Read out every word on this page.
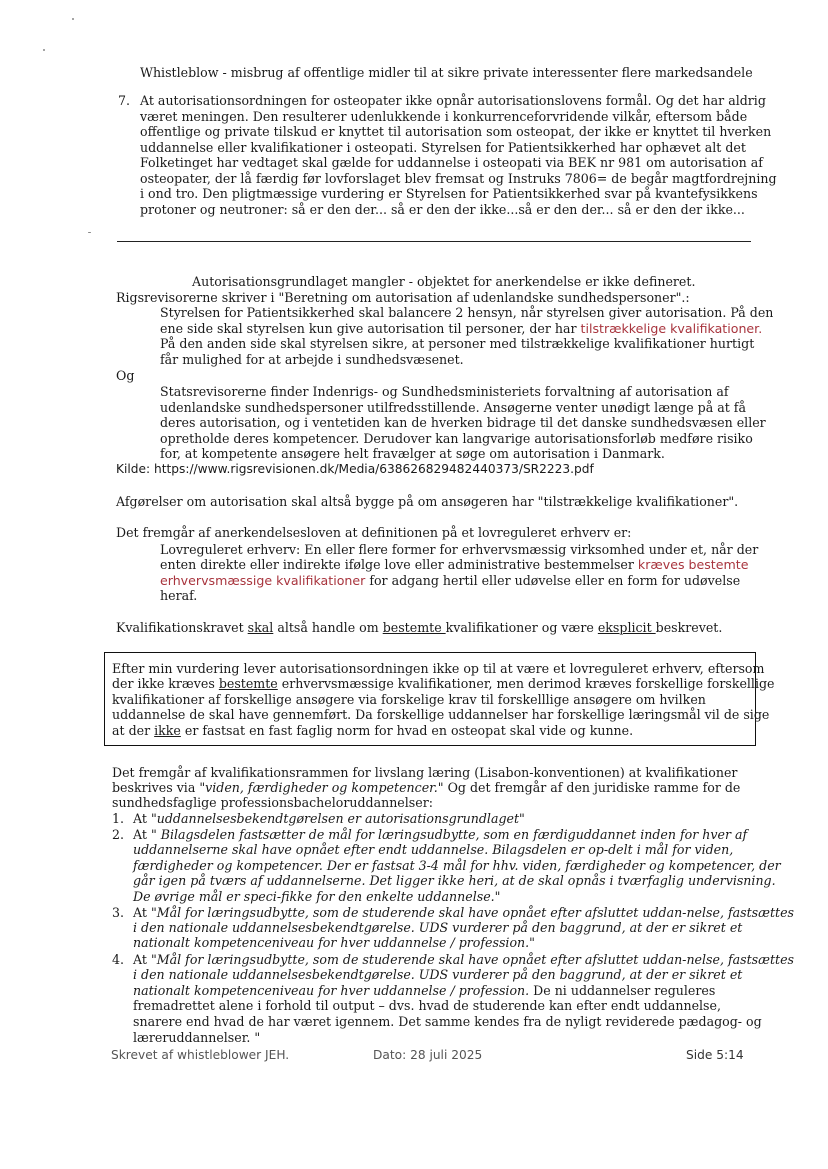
Whistleblow - misbrug af offentlige midler til at sikre private interessenter flere markedsandele
7. At autorisationsordningen for osteopater ikke opnår autorisationslovens formål. Og det har aldrig
været meningen. Den resulterer udenlukkende i konkurrenceforvridende vilkår, eftersom både
offentlige og private tilskud er knyttet til autorisation som osteopat, der ikke er knyttet til hverken
uddannelse eller kvalifikationer i osteopati. Styrelsen for Patientsikkerhed har ophævet alt det
Folketinget har vedtaget skal gælde for uddannelse i osteopati via BEK nr 981 om autorisation af
osteopater, der lå færdig før lovforslaget blev fremsat og Instruks 7806= de begår magtfordrejning
i ond tro. Den pligtmæssige vurdering er Styrelsen for Patientsikkerhed svar på kvantefysikkens
protoner og neutroner: så er den der... så er den der ikke...så er den der... så er den der ikke...
Autorisationsgrundlaget mangler - objektet for anerkendelse er ikke defineret.
Rigsrevisorerne skriver i "Beretning om autorisation af udenlandske sundhedspersoner".:
Styrelsen for Patientsikkerhed skal balancere 2 hensyn, når styrelsen giver autorisation. På den
ene side skal styrelsen kun give autorisation til personer, der har tilstrækkelige kvalifikationer.
På den anden side skal styrelsen sikre, at personer med tilstrækkelige kvalifikationer hurtigt
får mulighed for at arbejde i sundhedsvæsenet.
Og
Statsrevisorerne finder Indenrigs- og Sundhedsministeriets forvaltning af autorisation af
udenlandske sundhedspersoner utilfredsstillende. Ansøgerne venter unødigt længe på at få
deres autorisation, og i ventetiden kan de hverken bidrage til det danske sundhedsvæsen eller
opretholde deres kompetencer. Derudover kan langvarige autorisationsforløb medføre risiko
for, at kompetente ansøgere helt fravælger at søge om autorisation i Danmark.
Kilde: https://www.rigsrevisionen.dk/Media/638626829482440373/SR2223.pdf
Afgørelser om autorisation skal altså bygge på om ansøgeren har "tilstrækkelige kvalifikationer".
Det fremgår af anerkendelsesloven at definitionen på et lovreguleret erhverv er:
Lovreguleret erhverv: En eller flere former for erhvervsmæssig virksomhed under et, når der
enten direkte eller indirekte ifølge love eller administrative bestemmelser kræves bestemte
erhvervsmæssige kvalifikationer for adgang hertil eller udøvelse eller en form for udøvelse
heraf.
Kvalifikationskravet skal altså handle om bestemte kvalifikationer og være eksplicit beskrevet.
Efter min vurdering lever autorisationsordningen ikke op til at være et lovreguleret erhverv, eftersom
der ikke kræves bestemte erhvervsmæssige kvalifikationer, men derimod kræves forskellige forskellige
kvalifikationer af forskellige ansøgere via forskelige krav til forskelllige ansøgere om hvilken
uddannelse de skal have gennemført. Da forskellige uddannelser har forskellige læringsmål vil de sige
at der ikke er fastsat en fast faglig norm for hvad en osteopat skal vide og kunne.
Det fremgår af kvalifikationsrammen for livslang læring (Lisabon-konventionen) at kvalifikationer
beskrives via "viden, færdigheder og kompetencer." Og det fremgår af den juridiske ramme for de
sundhedsfaglige professionsbacheloruddannelser:
1. At "uddannelsesbekendtgørelsen er autorisationsgrundlaget"
2. At " Bilagsdelen fastsætter de mål for læringsudbytte, som en færdiguddannet inden for hver af
uddannelserne skal have opnået efter endt uddannelse. Bilagsdelen er op-delt i mål for viden,
færdigheder og kompetencer. Der er fastsat 3-4 mål for hhv. viden, færdigheder og kompetencer, der
går igen på tværs af uddannelserne. Det ligger ikke heri, at de skal opnås i tværfaglig undervisning.
De øvrige mål er speci-fikke for den enkelte uddannelse."
3. At "Mål for læringsudbytte, som de studerende skal have opnået efter afsluttet uddan-nelse, fastsættes
i den nationale uddannelsesbekendtgørelse. UDS vurderer på den baggrund, at der er sikret et
nationalt kompetenceniveau for hver uddannelse / profession."
4. At "Mål for læringsudbytte, som de studerende skal have opnået efter afsluttet uddan-nelse, fastsættes
i den nationale uddannelsesbekendtgørelse. UDS vurderer på den baggrund, at der er sikret et
nationalt kompetenceniveau for hver uddannelse / profession. De ni uddannelser reguleres
fremadrettet alene i forhold til output – dvs. hvad de studerende kan efter endt uddannelse,
snarere end hvad de har været igennem. Det samme kendes fra de nyligt reviderede pædagog- og
læreruddannelser. "
Skrevet af whistleblower JEH.	Dato: 28 juli 2025	Side 5:14
